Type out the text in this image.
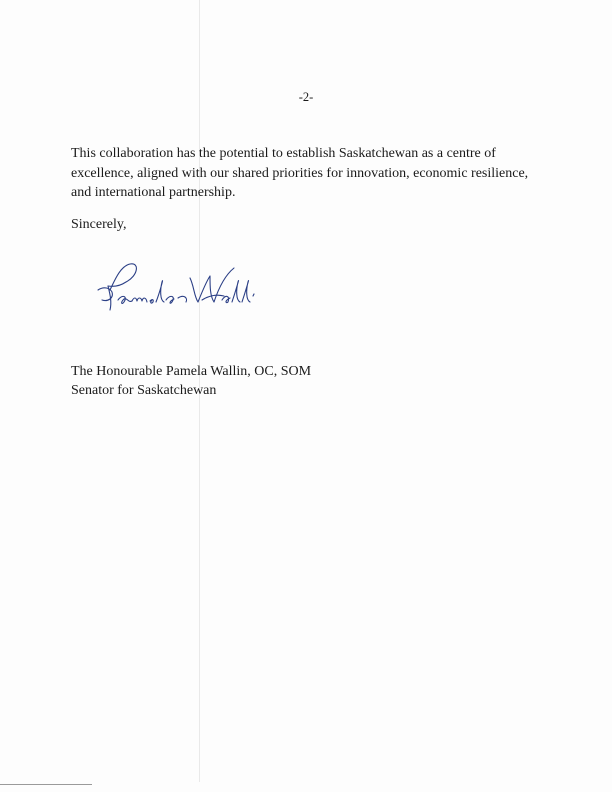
-2-

This collaboration has the potential to establish Saskatchewan as a centre of excellence, aligned with our shared priorities for innovation, economic resilience, and international partnership.

Sincerely,
The Honourable Pamela Wallin, OC, SOM
Senator for Saskatchewan
